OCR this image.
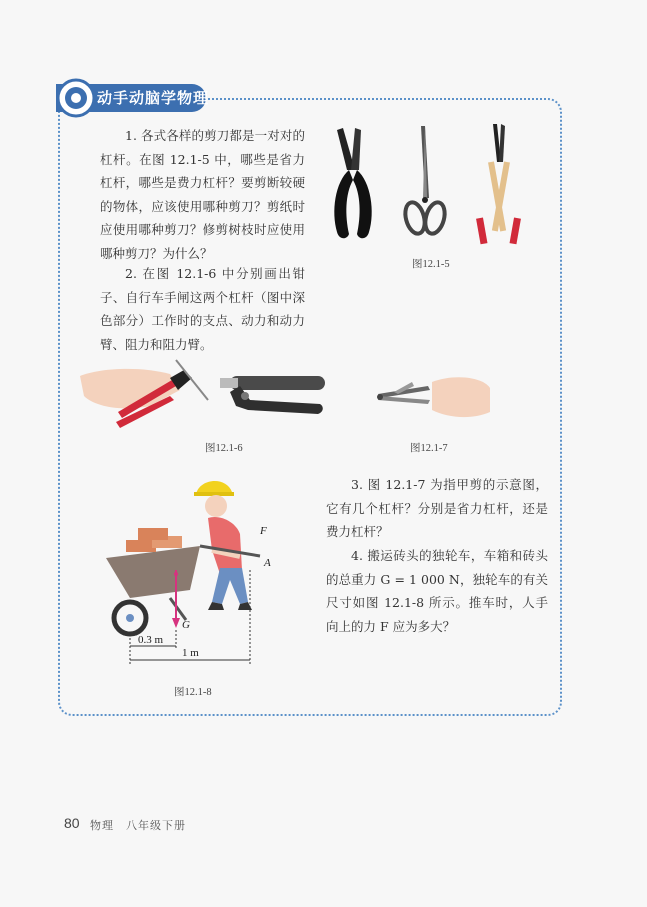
动手动脑学物理

1. 各式各样的剪刀都是一对对的杠杆。在图 12.1-5 中，哪些是省力杠杆，哪些是费力杠杆？要剪断较硬的物体，应该使用哪种剪刀？剪纸时应使用哪种剪刀？修剪树枝时应使用哪种剪刀？为什么？

图12.1-5

2. 在图 12.1-6 中分别画出钳子、自行车手闸这两个杠杆（图中深色部分）工作时的支点、动力和动力臂、阻力和阻力臂。

图12.1-6	图12.1-7
G
F
A
0.3 m
1 m
图12.1-8

3. 图 12.1-7 为指甲剪的示意图，它有几个杠杆？分别是省力杠杆，还是费力杠杆？

4. 搬运砖头的独轮车，车箱和砖头的总重力 G = 1 000 N，独轮车的有关尺寸如图 12.1-8 所示。推车时，人手向上的力 F 应为多大？

80 物理　八年级下册
